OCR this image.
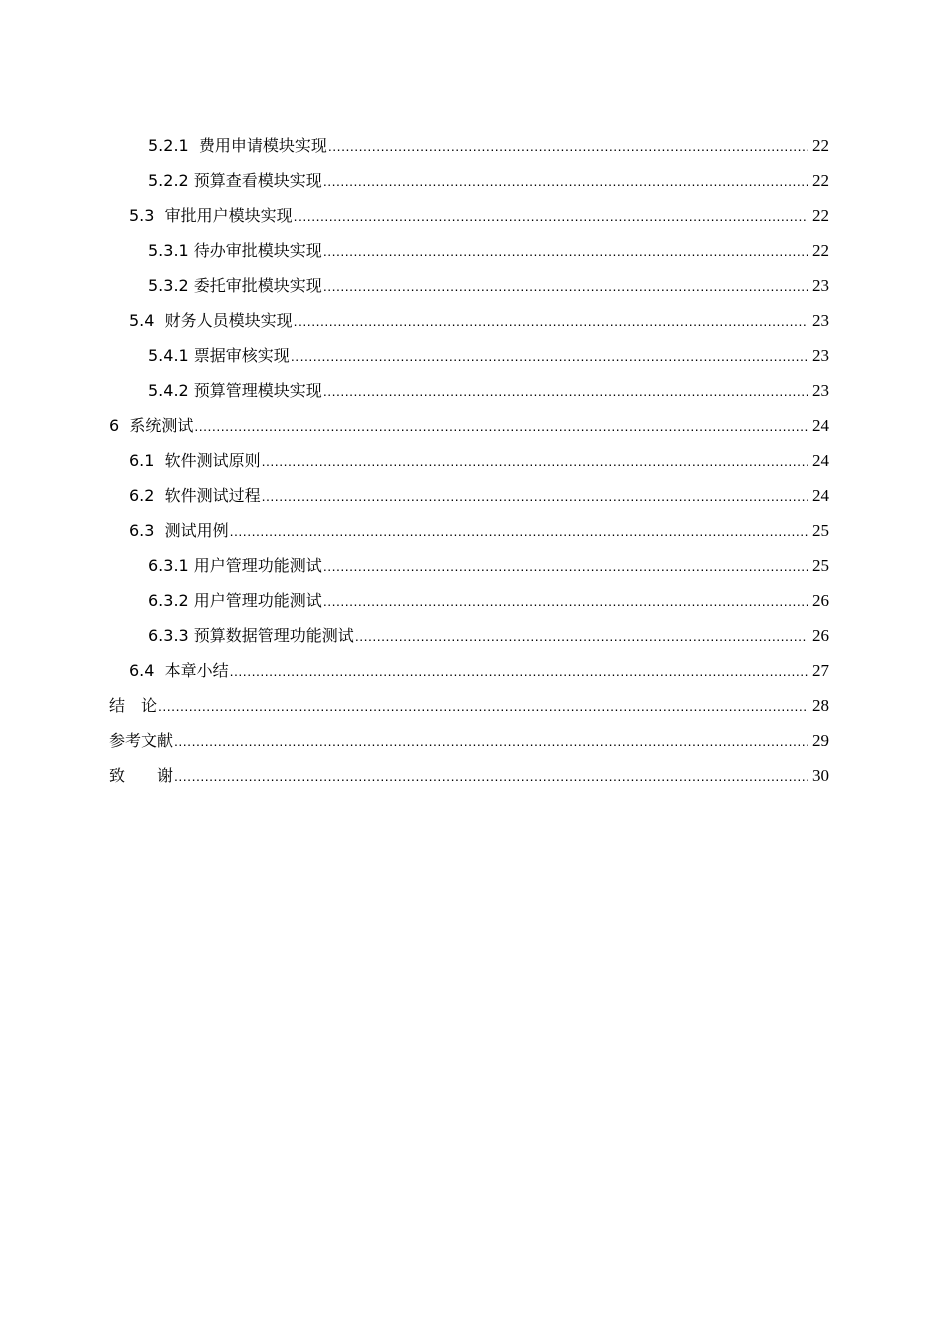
5.2.1 费用申请模块实现 .....	22
5.2.2 预算查看模块实现 .....	22
5.3 审批用户模块实现 .....	22
5.3.1 待办审批模块实现 .....	22
5.3.2 委托审批模块实现 .....	23
5.4 财务人员模块实现 .....	23
5.4.1 票据审核实现 .....	23
5.4.2 预算管理模块实现 .....	23
6 系统测试 .....	24
6.1 软件测试原则 .....	24
6.2 软件测试过程 .....	24
6.3 测试用例 .....	25
6.3.1 用户管理功能测试 .....	25
6.3.2 用户管理功能测试 .....	26
6.3.3 预算数据管理功能测试 .....	26
6.4 本章小结 .....	27
结　论 .....	28
参考文献 .....	29
致　　谢 .....	30
